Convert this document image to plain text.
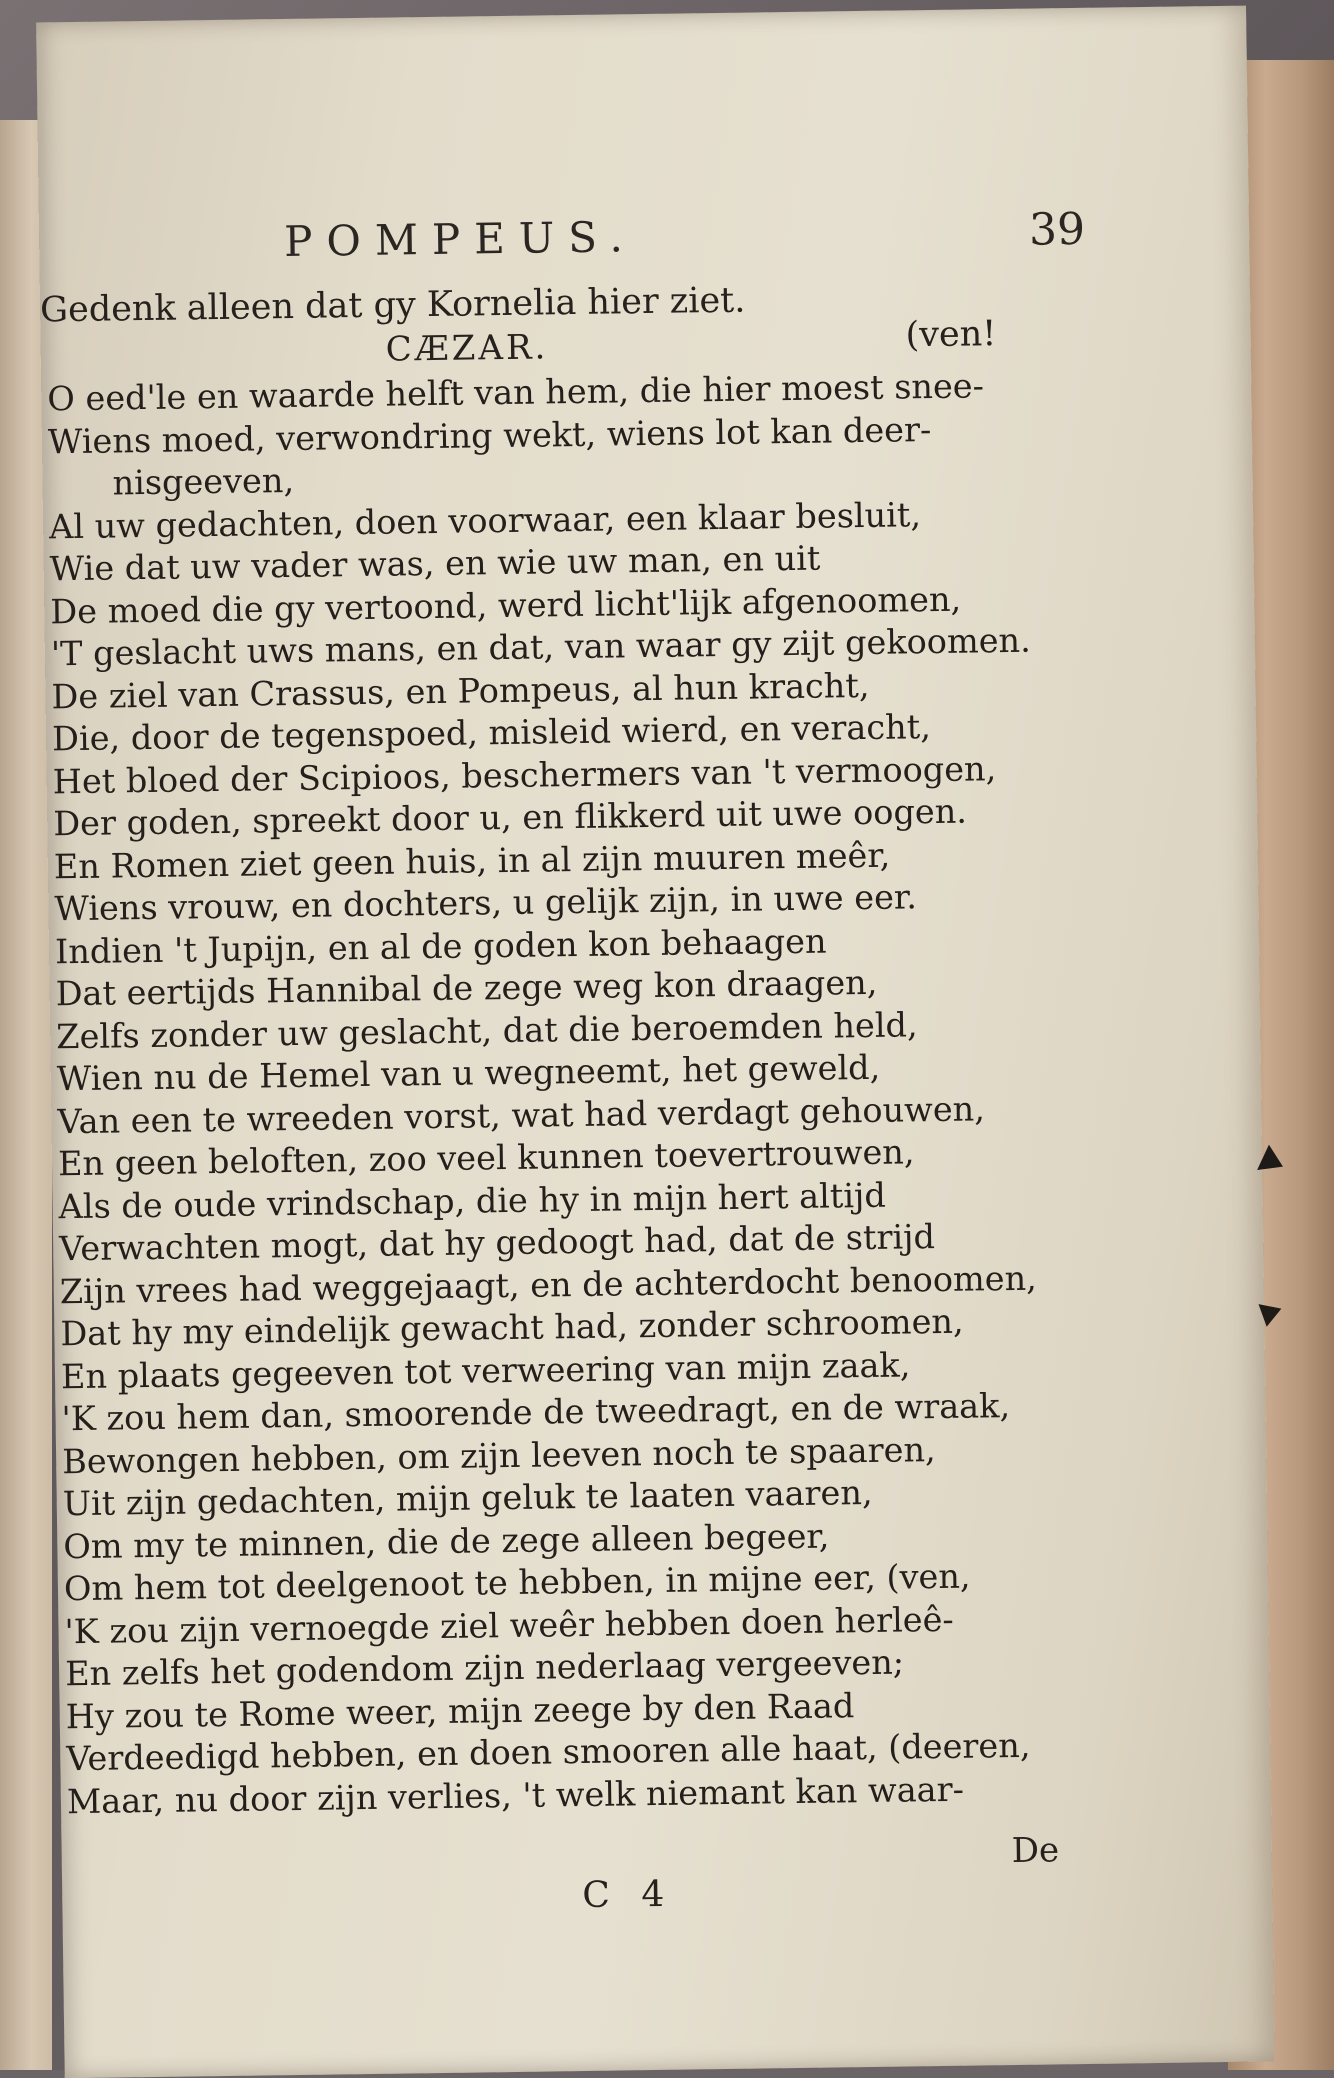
POMPEUS.	39
Gedenk alleen dat gy Kornelia hier ziet.
CÆZAR.	(ven!
O eed'le en waarde helft van hem, die hier moest snee-
Wiens moed, verwondring wekt, wiens lot kan deer-
nisgeeven,
Al uw gedachten, doen voorwaar, een klaar besluit,
Wie dat uw vader was, en wie uw man, en uit
De moed die gy vertoond, werd licht'lijk afgenoomen,
'T geslacht uws mans, en dat, van waar gy zijt gekoomen.
De ziel van Crassus, en Pompeus, al hun kracht,
Die, door de tegenspoed, misleid wierd, en veracht,
Het bloed der Scipioos, beschermers van 't vermoogen,
Der goden, spreekt door u, en flikkerd uit uwe oogen.
En Romen ziet geen huis, in al zijn muuren meêr,
Wiens vrouw, en dochters, u gelijk zijn, in uwe eer.
Indien 't Jupijn, en al de goden kon behaagen
Dat eertijds Hannibal de zege weg kon draagen,
Zelfs zonder uw geslacht, dat die beroemden held,
Wien nu de Hemel van u wegneemt, het geweld,
Van een te wreeden vorst, wat had verdagt gehouwen,
En geen beloften, zoo veel kunnen toevertrouwen,
Als de oude vrindschap, die hy in mijn hert altijd
Verwachten mogt, dat hy gedoogt had, dat de strijd
Zijn vrees had weggejaagt, en de achterdocht benoomen,
Dat hy my eindelijk gewacht had, zonder schroomen,
En plaats gegeeven tot verweering van mijn zaak,
'K zou hem dan, smoorende de tweedragt, en de wraak,
Bewongen hebben, om zijn leeven noch te spaaren,
Uit zijn gedachten, mijn geluk te laaten vaaren,
Om my te minnen, die de zege alleen begeer,
Om hem tot deelgenoot te hebben, in mijne eer, (ven,
'K zou zijn vernoegde ziel weêr hebben doen herleê-
En zelfs het godendom zijn nederlaag vergeeven;
Hy zou te Rome weer, mijn zeege by den Raad
Verdeedigd hebben, en doen smooren alle haat, (deeren,
Maar, nu door zijn verlies, 't welk niemant kan waar-
De
C 4
